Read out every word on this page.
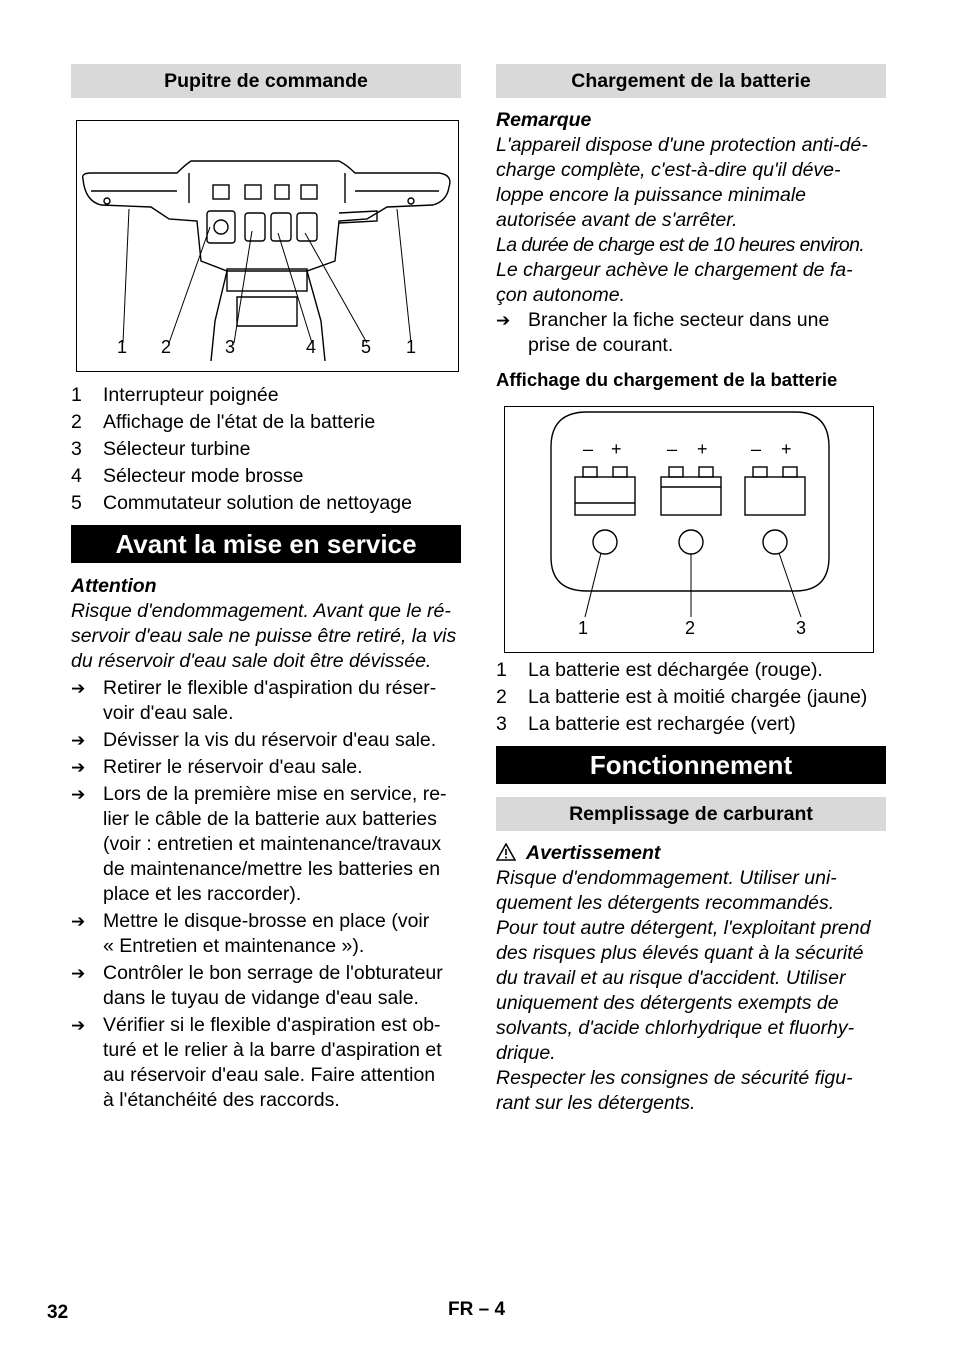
Pupitre de commande
1 2	3	4 5 1
1	Interrupteur poignée
2	Affichage de l'état de la batterie
3	Sélecteur turbine
4	Sélecteur mode brosse
5	Commutateur solution de nettoyage
Avant la mise en service
Attention

Risque d'endommagement. Avant que le ré-

servoir d'eau sale ne puisse être retiré, la vis

du réservoir d'eau sale doit être dévissée.

➔ Retirer le flexible d'aspiration du réser-

voir d'eau sale.

➔ Dévisser la vis du réservoir d'eau sale.

➔ Retirer le réservoir d'eau sale.

➔ Lors de la première mise en service, re-

lier le câble de la batterie aux batteries

(voir : entretien et maintenance/travaux

de maintenance/mettre les batteries en

place et les raccorder).

➔ Mettre le disque-brosse en place (voir

« Entretien et maintenance »).

➔ Contrôler le bon serrage de l'obturateur

dans le tuyau de vidange d'eau sale.

➔ Vérifier si le flexible d'aspiration est ob-

turé et le relier à la barre d'aspiration et

au réservoir d'eau sale. Faire attention

à l'étanchéité des raccords.

Chargement de la batterie
Remarque

L'appareil dispose d'une protection anti-dé-

charge complète, c'est-à-dire qu'il déve-

loppe encore la puissance minimale

autorisée avant de s'arrêter.

La durée de charge est de 10 heures environ.

Le chargeur achève le chargement de fa-

çon autonome.

➔ Brancher la fiche secteur dans une

prise de courant.

Affichage du chargement de la batterie
– +	– + – +
1	2	3
1	La batterie est déchargée (rouge).
2	La batterie est à moitié chargée (jaune)
3	La batterie est rechargée (vert)
Fonctionnement
Remplissage de carburant
Avertissement

Risque d'endommagement. Utiliser uni-

quement les détergents recommandés.

Pour tout autre détergent, l'exploitant prend

des risques plus élevés quant à la sécurité

du travail et au risque d'accident. Utiliser

uniquement des détergents exempts de

solvants, d'acide chlorhydrique et fluorhy-

drique.

Respecter les consignes de sécurité figu-

rant sur les détergents.

32	FR – 4
